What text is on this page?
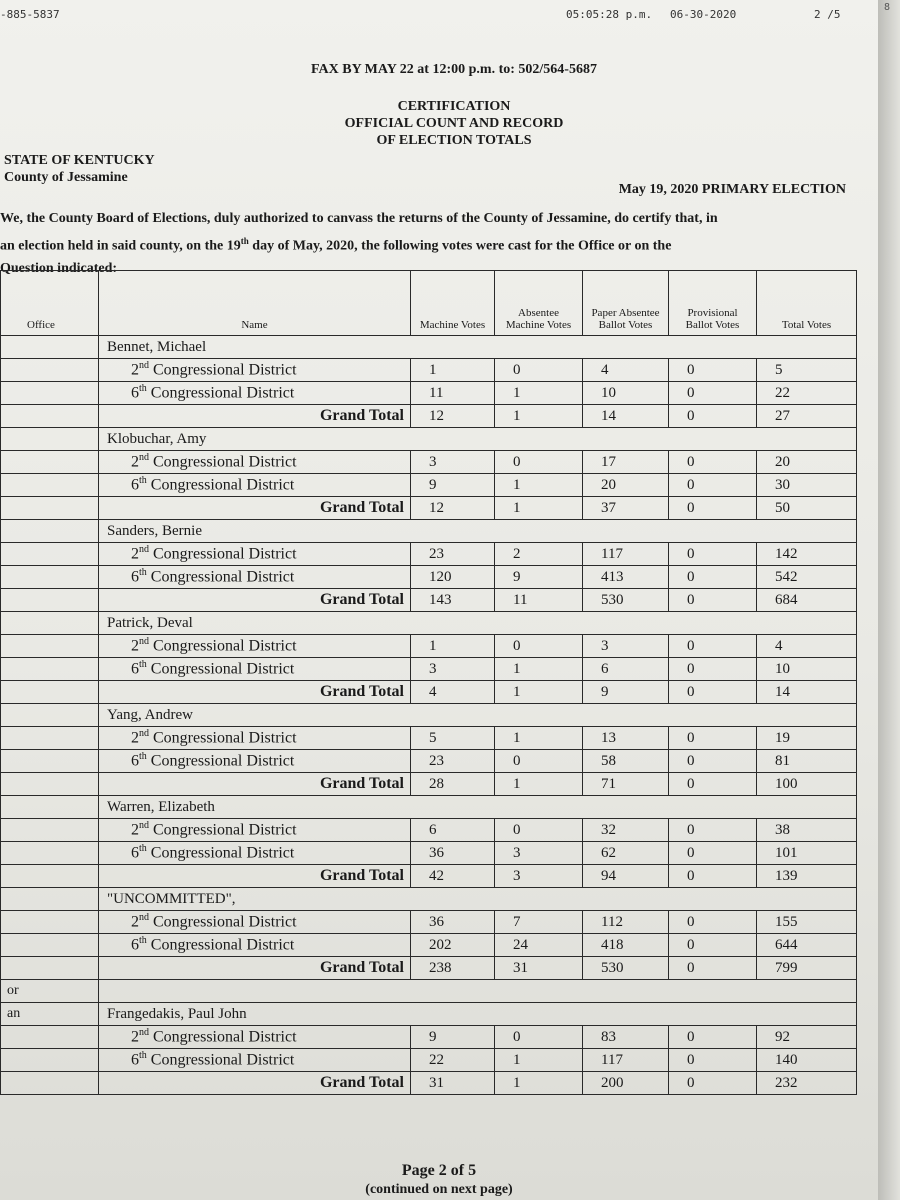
-885-5837	05:05:28 p.m. 06-30-2020	2 /5
FAX BY MAY 22 at 12:00 p.m. to: 502/564-5687
CERTIFICATION
OFFICIAL COUNT AND RECORD
OF ELECTION TOTALS
STATE OF KENTUCKY
County of Jessamine
May 19, 2020 PRIMARY ELECTION

We, the County Board of Elections, duly authorized to canvass the returns of the County of Jessamine, do certify that, in

an election held in said county, on the 19th day of May, 2020, the following votes were cast for the Office or on the

Question indicated:

Office	Name	Machine Votes	Absentee Machine Votes	Paper Absentee Ballot Votes	Provisional Ballot Votes	Total Votes
	Bennet, Michael					
	2nd Congressional District	1	0	4	0	5
	6th Congressional District	11	1	10	0	22
	Grand Total	12	1	14	0	27
	Klobuchar, Amy					
	2nd Congressional District	3	0	17	0	20
	6th Congressional District	9	1	20	0	30
	Grand Total	12	1	37	0	50
	Sanders, Bernie					
	2nd Congressional District	23	2	117	0	142
	6th Congressional District	120	9	413	0	542
	Grand Total	143	11	530	0	684
	Patrick, Deval					
	2nd Congressional District	1	0	3	0	4
	6th Congressional District	3	1	6	0	10
	Grand Total	4	1	9	0	14
	Yang, Andrew					
	2nd Congressional District	5	1	13	0	19
	6th Congressional District	23	0	58	0	81
	Grand Total	28	1	71	0	100
	Warren, Elizabeth					
	2nd Congressional District	6	0	32	0	38
	6th Congressional District	36	3	62	0	101
	Grand Total	42	3	94	0	139
	"UNCOMMITTED",					
	2nd Congressional District	36	7	112	0	155
	6th Congressional District	202	24	418	0	644
	Grand Total	238	31	530	0	799
or						
an	Frangedakis, Paul John					
	2nd Congressional District	9	0	83	0	92
	6th Congressional District	22	1	117	0	140
	Grand Total	31	1	200	0	232
Page 2 of 5
(continued on next page)
8
